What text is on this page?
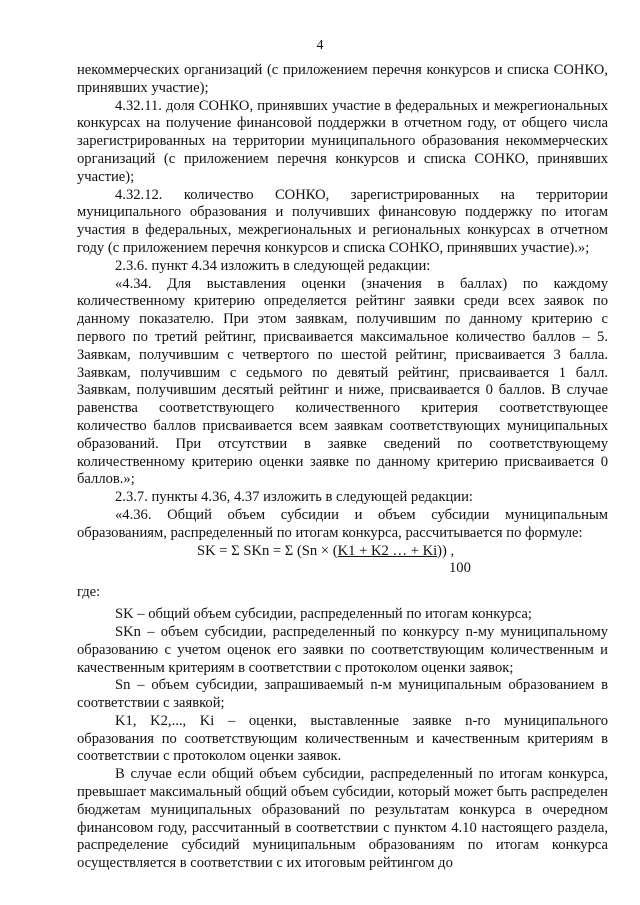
4

некоммерческих организаций (с приложением перечня конкурсов и списка СОНКО, принявших участие);

4.32.11. доля СОНКО, принявших участие в федеральных и межрегиональных конкурсах на получение финансовой поддержки в отчетном году, от общего числа зарегистрированных на территории муниципального образования некоммерческих организаций (с приложением перечня конкурсов и списка СОНКО, принявших участие);

4.32.12. количество СОНКО, зарегистрированных на территории муниципального образования и получивших финансовую поддержку по итогам участия в федеральных, межрегиональных и региональных конкурсах в отчетном году (с приложением перечня конкурсов и списка СОНКО, принявших участие).»;

2.3.6. пункт 4.34 изложить в следующей редакции:

«4.34. Для выставления оценки (значения в баллах) по каждому количественному критерию определяется рейтинг заявки среди всех заявок по данному показателю. При этом заявкам, получившим по данному критерию с первого по третий рейтинг, присваивается максимальное количество баллов – 5. Заявкам, получившим с четвертого по шестой рейтинг, присваивается 3 балла. Заявкам, получившим с седьмого по девятый рейтинг, присваивается 1 балл. Заявкам, получившим десятый рейтинг и ниже, присваивается 0 баллов. В случае равенства соответствующего количественного критерия соответствующее количество баллов присваивается всем заявкам соответствующих муниципальных образований. При отсутствии в заявке сведений по соответствующему количественному критерию оценки заявке по данному критерию присваивается 0 баллов.»;

2.3.7. пункты 4.36, 4.37 изложить в следующей редакции:

«4.36. Общий объем субсидии и объем субсидии муниципальным образованиям, распределенный по итогам конкурса, рассчитывается по формуле:

SK = Σ SKn = Σ (Sn × (K1 + K2 … + Ki)) ,

100

где:

SK – общий объем субсидии, распределенный по итогам конкурса;

SKn – объем субсидии, распределенный по конкурсу n-му муниципальному образованию с учетом оценок его заявки по соответствующим количественным и качественным критериям в соответствии с протоколом оценки заявок;

Sn – объем субсидии, запрашиваемый n-м муниципальным образованием в соответствии с заявкой;

K1, K2,..., Ki – оценки, выставленные заявке n-го муниципального образования по соответствующим количественным и качественным критериям в соответствии с протоколом оценки заявок.

В случае если общий объем субсидии, распределенный по итогам конкурса, превышает максимальный общий объем субсидии, который может быть распределен бюджетам муниципальных образований по результатам конкурса в очередном финансовом году, рассчитанный в соответствии с пунктом 4.10 настоящего раздела, распределение субсидий муниципальным образованиям по итогам конкурса осуществляется в соответствии с их итоговым рейтингом до
